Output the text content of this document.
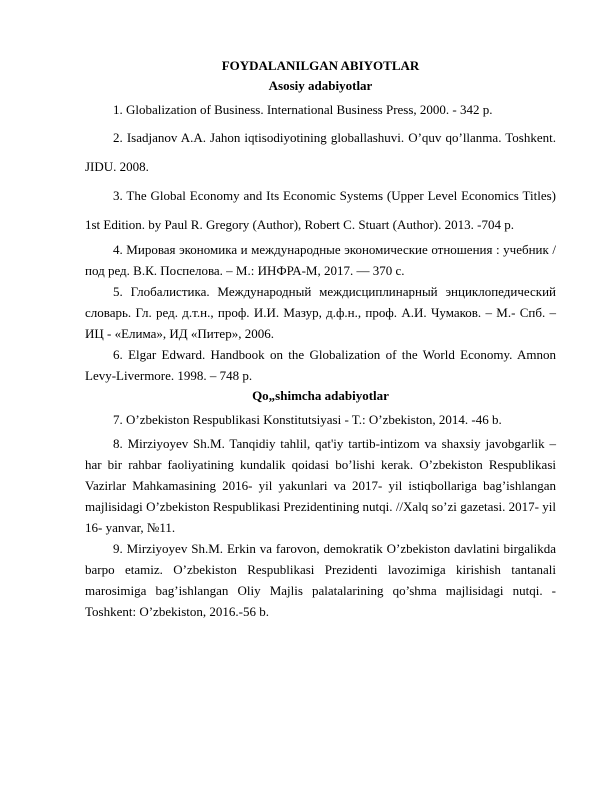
FOYDALANILGAN ABIYOTLAR

Asosiy adabiyotlar

1. Globalization of Business. International Business Press, 2000. - 342 p.

2. Isadjanov A.A. Jahon iqtisodiyotining globallashuvi. O’quv qo’llanma. Toshkent. JIDU. 2008.

3. The Global Economy and Its Economic Systems (Upper Level Economics Titles) 1st Edition. by Paul R. Gregory (Author), Robert C. Stuart (Author). 2013. -704 p.

4. Мировая экономика и международные экономические отношения : учебник / под ред. В.К. Поспелова. – М.: ИНФРА-М, 2017. — 370 с.

5. Глобалистика. Международный междисциплинарный энциклопедический словарь. Гл. ред. д.т.н., проф. И.И. Мазур, д.ф.н., проф. А.И. Чумаков. – М.- Спб. – ИЦ - «Елима», ИД «Питер», 2006.

6. Elgar Edward. Handbook on the Globalization of the World Economy. Amnon Levy-Livermore. 1998. – 748 p.

Qo„shimcha adabiyotlar

7. O’zbekiston Respublikasi Konstitutsiyasi - T.: O’zbekiston, 2014. -46 b.

8. Mirziyoyev Sh.M. Tanqidiy tahlil, qat'iy tartib-intizom va shaxsiy javobgarlik – har bir rahbar faoliyatining kundalik qoidasi bo’lishi kerak. O’zbekiston Respublikasi Vazirlar Mahkamasining 2016- yil yakunlari va 2017- yil istiqbollariga bag’ishlangan majlisidagi O’zbekiston Respublikasi Prezidentining nutqi. //Xalq so’zi gazetasi. 2017- yil 16- yanvar, №11.

9. Mirziyoyev Sh.M. Erkin va farovon, demokratik O’zbekiston davlatini birgalikda barpo etamiz. O’zbekiston Respublikasi Prezidenti lavozimiga kirishish tantanali marosimiga bag’ishlangan Oliy Majlis palatalarining qo’shma majlisidagi nutqi. - Toshkent: O’zbekiston, 2016.-56 b.
